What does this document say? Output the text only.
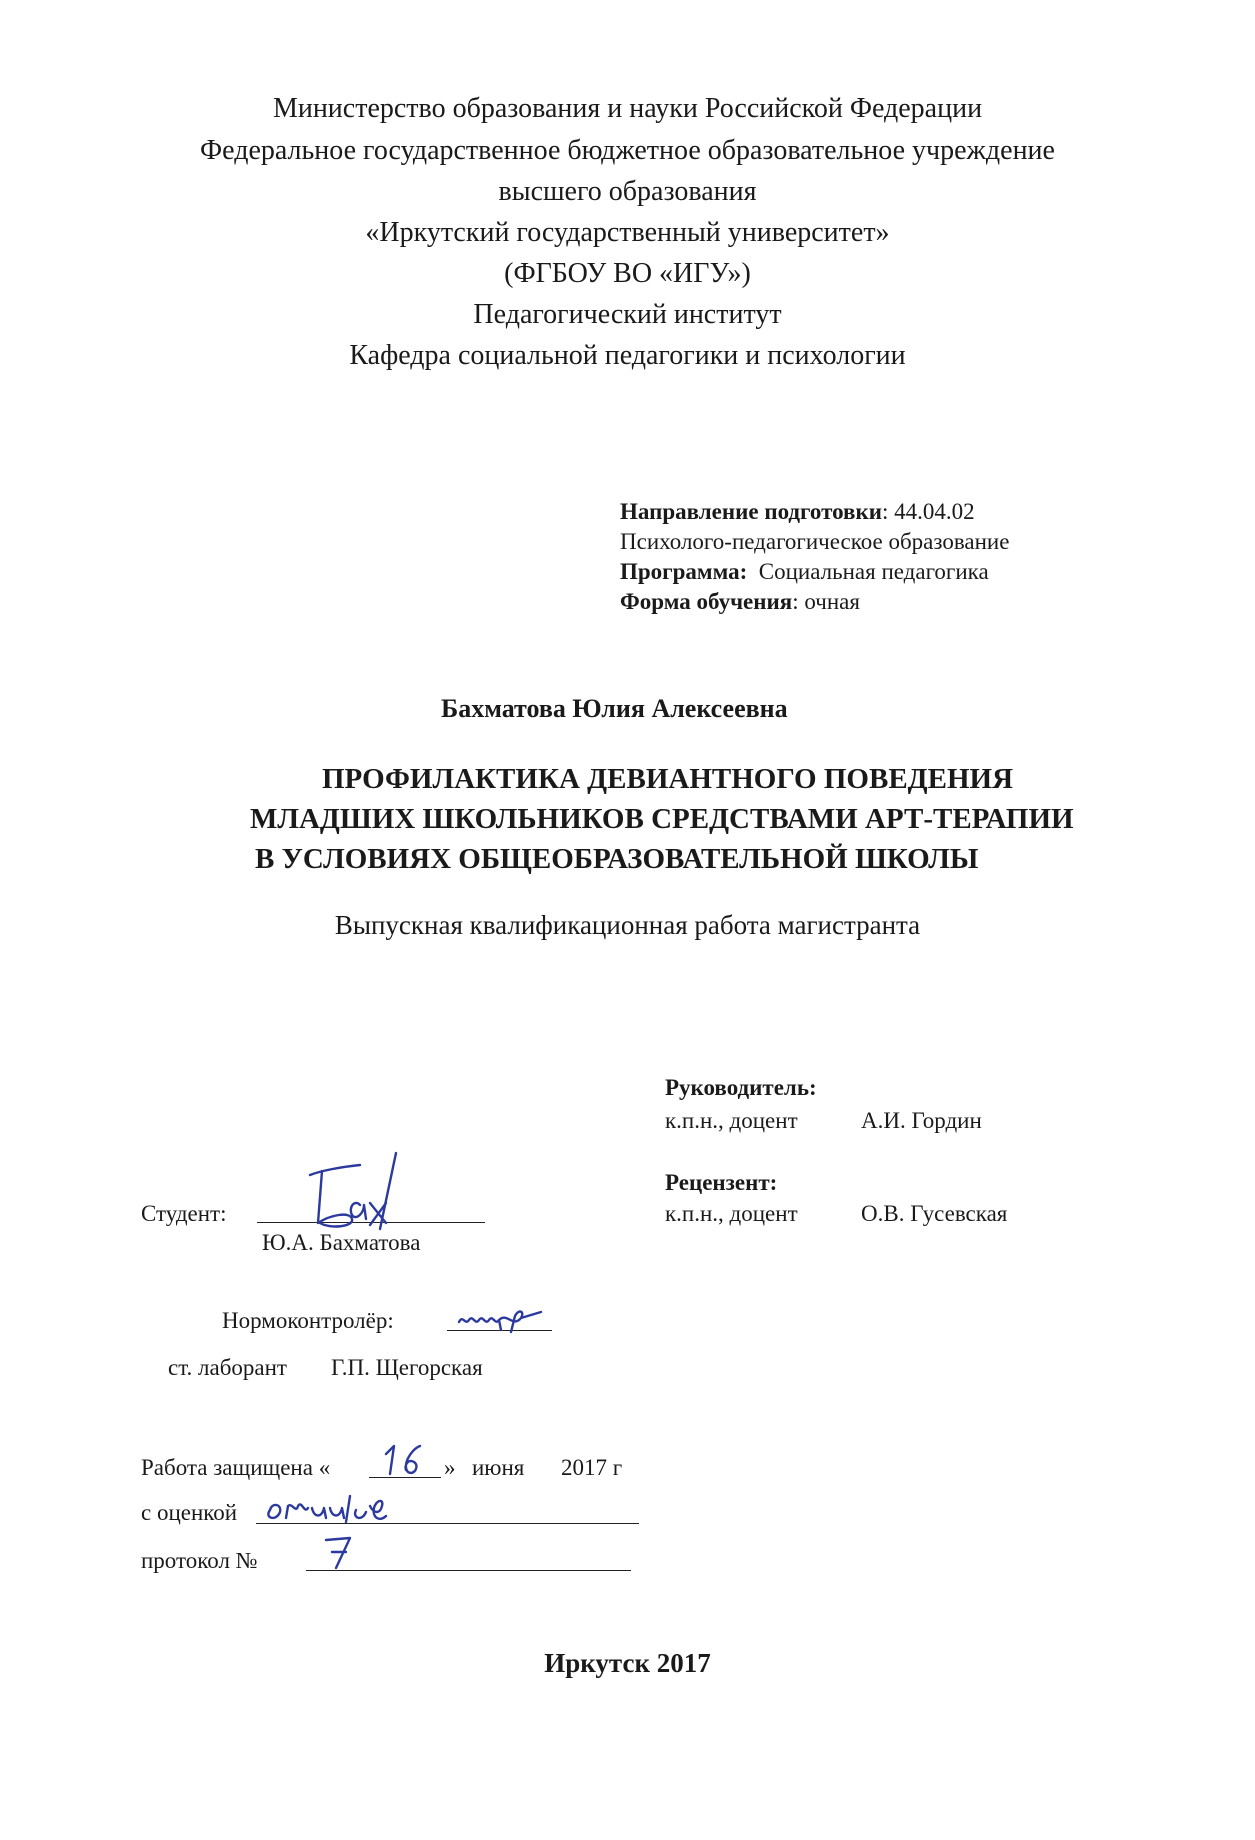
Министерство образования и науки Российской Федерации
Федеральное государственное бюджетное образовательное учреждение
высшего образования
«Иркутский государственный университет»
(ФГБОУ ВО «ИГУ»)
Педагогический институт
Кафедра социальной педагогики и психологии
Направление подготовки: 44.04.02
Психолого-педагогическое образование
Программа: Социальная педагогика
Форма обучения: очная
Бахматова Юлия Алексеевна
ПРОФИЛАКТИКА ДЕВИАНТНОГО ПОВЕДЕНИЯ
МЛАДШИХ ШКОЛЬНИКОВ СРЕДСТВАМИ АРТ-ТЕРАПИИ
В УСЛОВИЯХ ОБЩЕОБРАЗОВАТЕЛЬНОЙ ШКОЛЫ
Выпускная квалификационная работа магистранта
Руководитель:
к.п.н., доцент	А.И. Гордин
Рецензент:
к.п.н., доцент	О.В. Гусевская
Студент:
Ю.А. Бахматова
Нормоконтролёр:
ст. лаборант Г.П. Щегорская
Работа защищена «	» июня 2017 г
с оценкой
протокол №
Иркутск 2017
